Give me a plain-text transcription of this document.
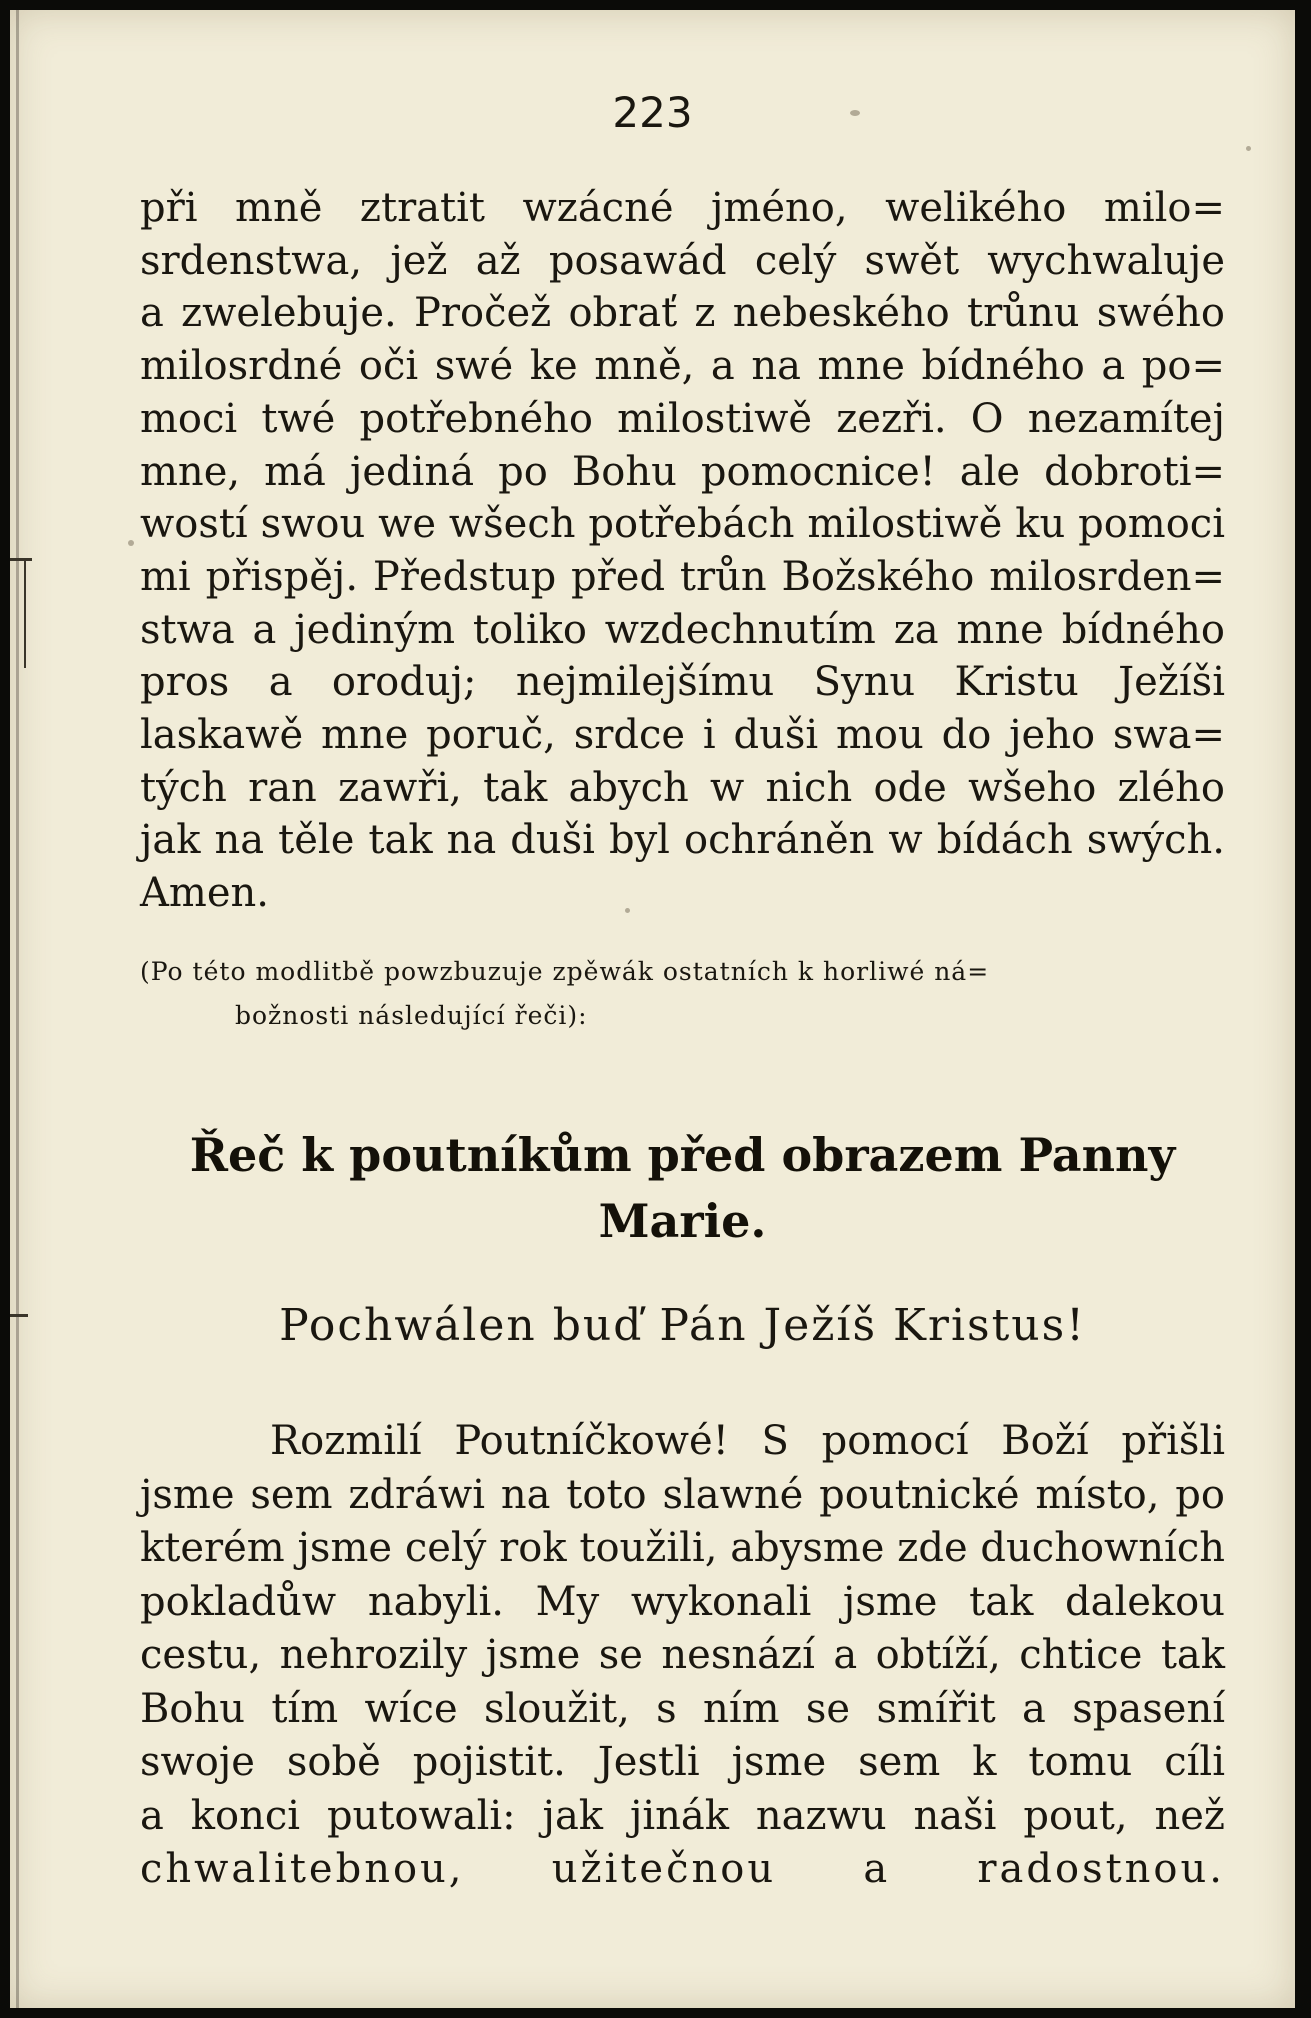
223
při mně ztratit wzácné jméno, welikého milo=
srdenstwa, jež až posawád celý swět wychwaluje
a zwelebuje. Pročež obrať z nebeského trůnu swého
milosrdné oči swé ke mně, a na mne bídného a po=
moci twé potřebného milostiwě zezři. O nezamítej
mne, má jediná po Bohu pomocnice! ale dobroti=
wostí swou we wšech potřebách milostiwě ku pomoci
mi přispěj. Předstup před trůn Božského milosrden=
stwa a jediným toliko wzdechnutím za mne bídného
pros a oroduj; nejmilejšímu Synu Kristu Ježíši
laskawě mne poruč, srdce i duši mou do jeho swa=
tých ran zawři, tak abych w nich ode wšeho zlého
jak na těle tak na duši byl ochráněn w bídách swých.
Amen.
(Po této modlitbě powzbuzuje zpěwák ostatních k horliwé ná=
božnosti následující řeči):
Řeč k poutníkům před obrazem Panny
Marie.
Pochwálen buď Pán Ježíš Kristus!
Rozmilí Poutníčkowé! S pomocí Boží přišli
jsme sem zdráwi na toto slawné poutnické místo, po
kterém jsme celý rok toužili, abysme zde duchowních
pokladůw nabyli. My wykonali jsme tak dalekou
cestu, nehrozily jsme se nesnází a obtíží, chtice tak
Bohu tím wíce sloužit, s ním se smířit a spasení
swoje sobě pojistit. Jestli jsme sem k tomu cíli
a konci putowali: jak jinák nazwu naši pout, než
chwalitebnou, užitečnou a radostnou.
